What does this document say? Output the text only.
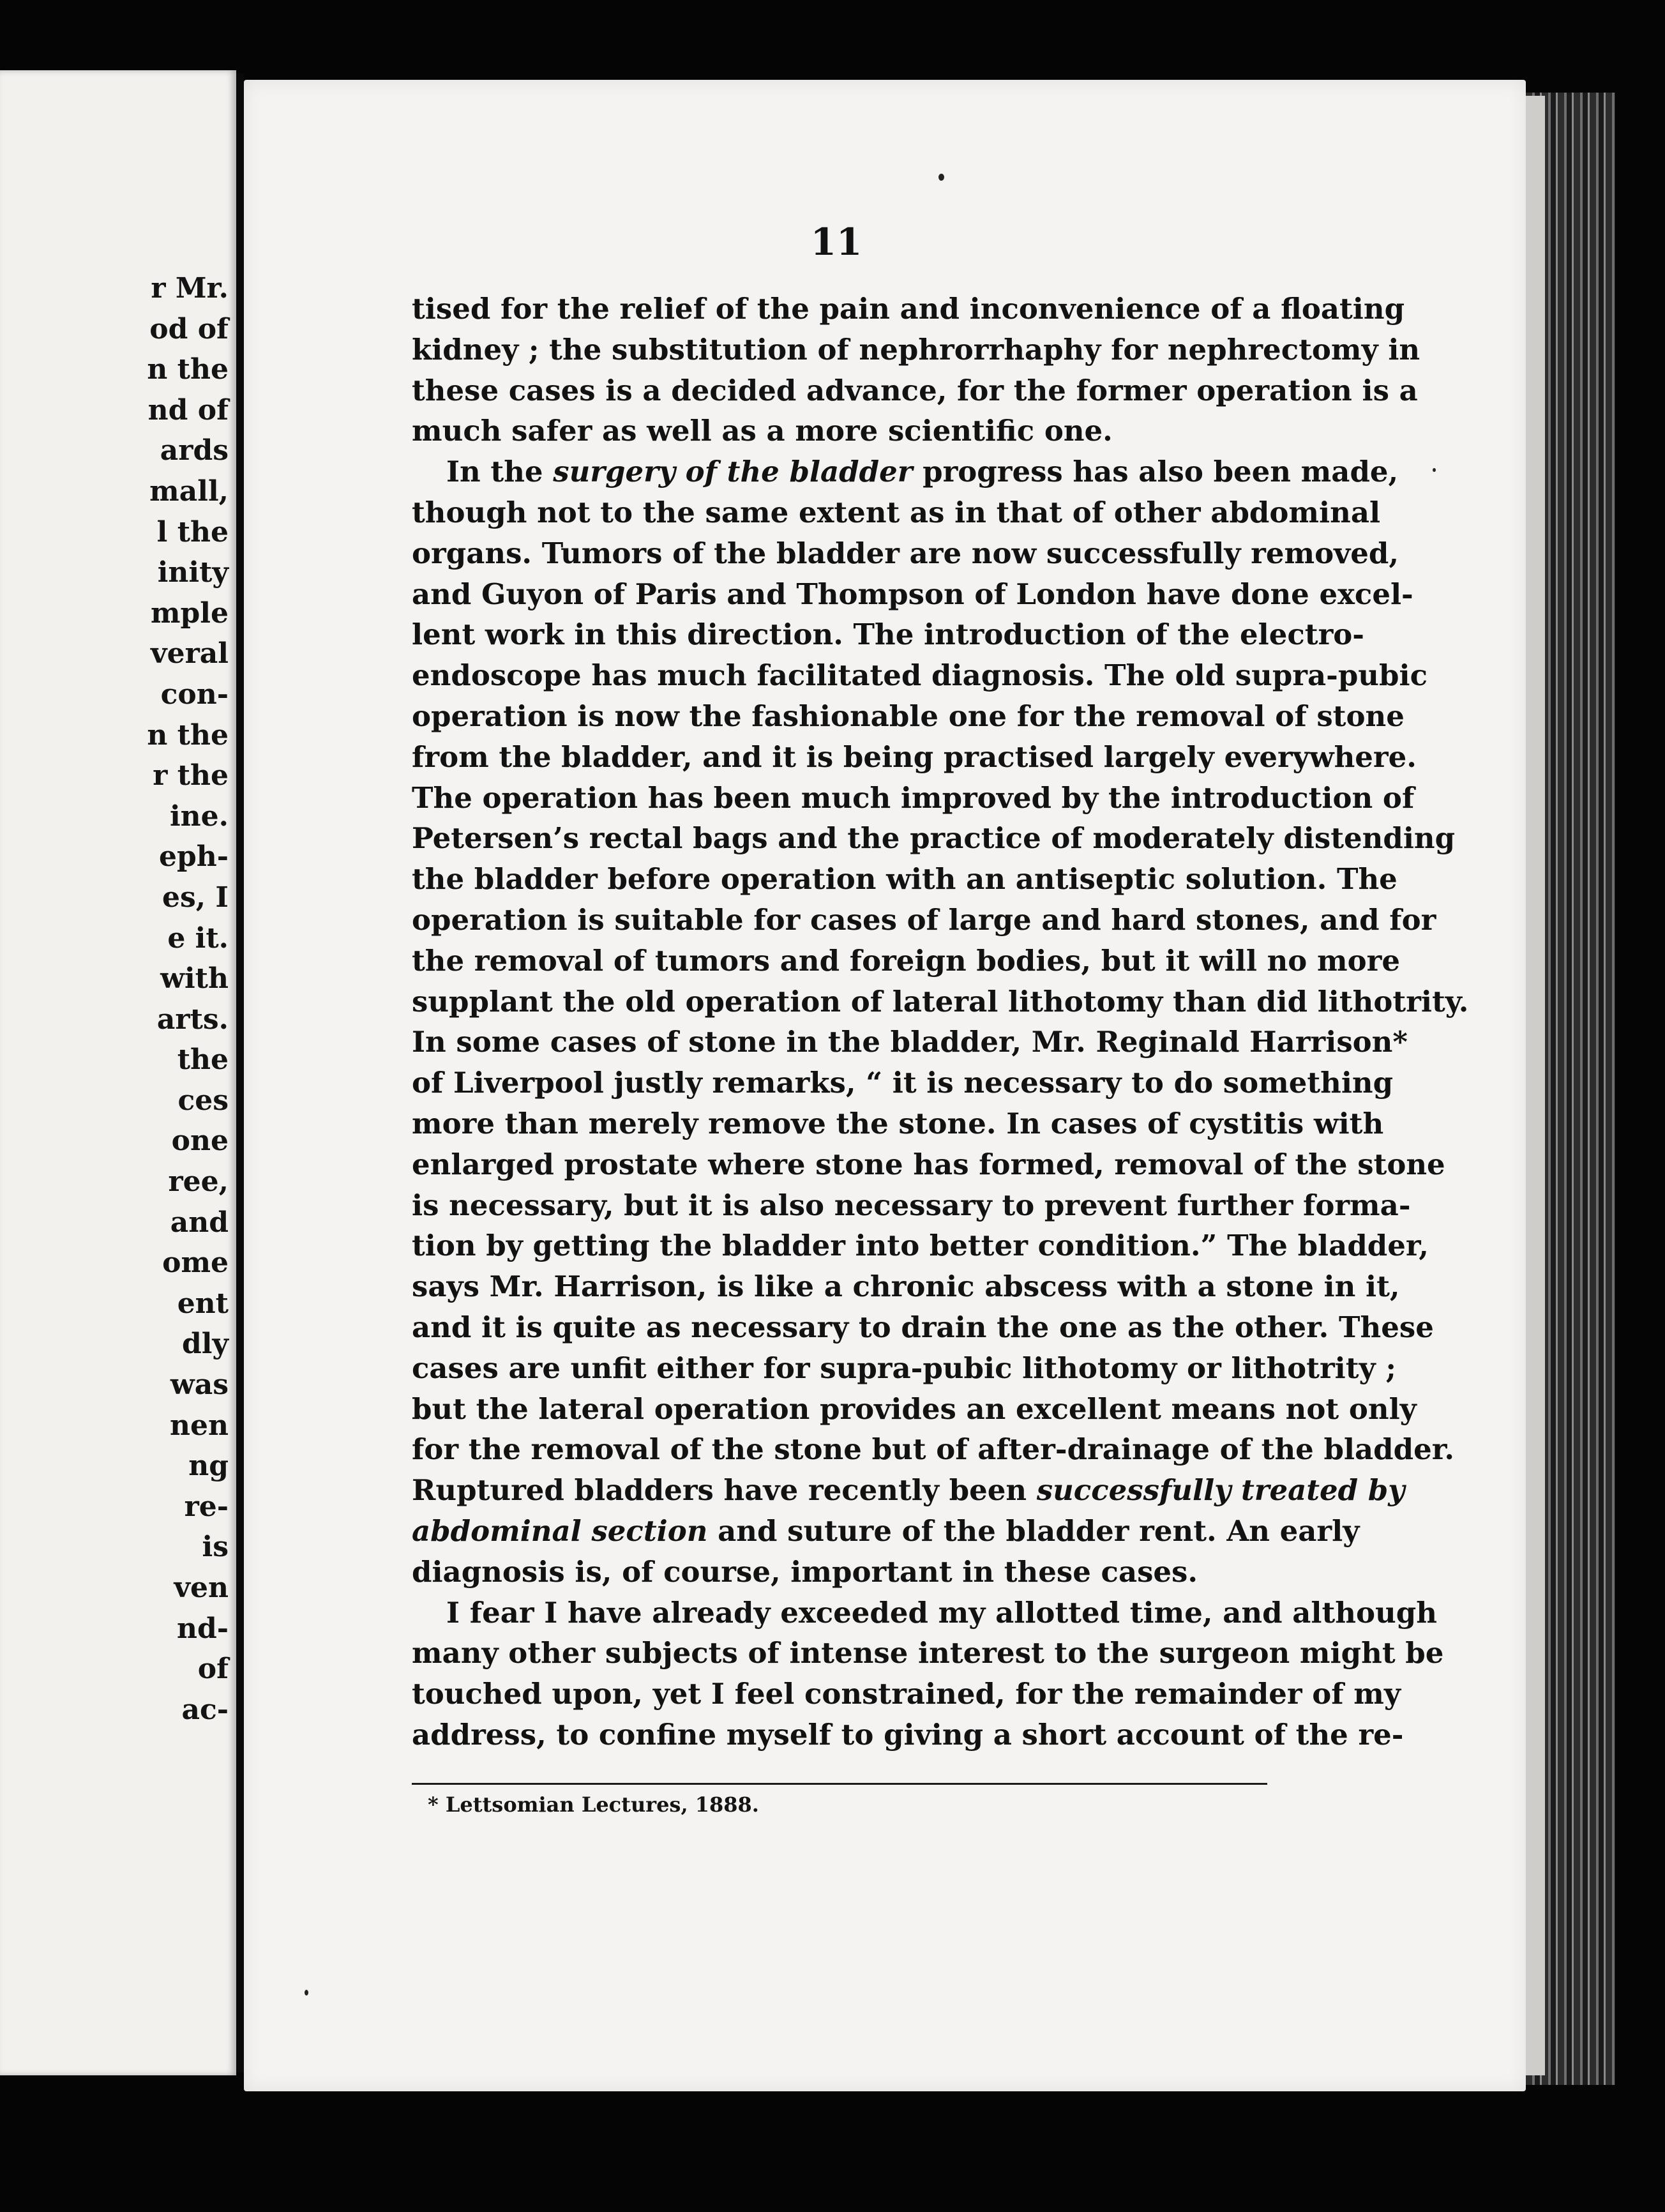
r Mr.
od of
n the
nd of
ards
mall,
l the
inity
mple
veral
con-
n the
r the
ine.
eph-
es, I
e it.
with
arts.
the
ces
one
ree,
and
ome
ent
dly
was
nen
ng
re-
is
ven
nd-
of
ac-
11
tised for the relief of the pain and inconvenience of a floating
kidney ; the substitution of nephrorrhaphy for nephrectomy in
these cases is a decided advance, for the former operation is a
much safer as well as a more scientific one.
In the surgery of the bladder progress has also been made,
though not to the same extent as in that of other abdominal
organs. Tumors of the bladder are now successfully removed,
and Guyon of Paris and Thompson of London have done excel-
lent work in this direction. The introduction of the electro-
endoscope has much facilitated diagnosis. The old supra-pubic
operation is now the fashionable one for the removal of stone
from the bladder, and it is being practised largely everywhere.
The operation has been much improved by the introduction of
Petersen’s rectal bags and the practice of moderately distending
the bladder before operation with an antiseptic solution. The
operation is suitable for cases of large and hard stones, and for
the removal of tumors and foreign bodies, but it will no more
supplant the old operation of lateral lithotomy than did lithotrity.
In some cases of stone in the bladder, Mr. Reginald Harrison*
of Liverpool justly remarks, “ it is necessary to do something
more than merely remove the stone. In cases of cystitis with
enlarged prostate where stone has formed, removal of the stone
is necessary, but it is also necessary to prevent further forma-
tion by getting the bladder into better condition.” The bladder,
says Mr. Harrison, is like a chronic abscess with a stone in it,
and it is quite as necessary to drain the one as the other. These
cases are unfit either for supra-pubic lithotomy or lithotrity ;
but the lateral operation provides an excellent means not only
for the removal of the stone but of after-drainage of the bladder.
Ruptured bladders have recently been successfully treated by
abdominal section and suture of the bladder rent. An early
diagnosis is, of course, important in these cases.
I fear I have already exceeded my allotted time, and although
many other subjects of intense interest to the surgeon might be
touched upon, yet I feel constrained, for the remainder of my
address, to confine myself to giving a short account of the re-
* Lettsomian Lectures, 1888.
